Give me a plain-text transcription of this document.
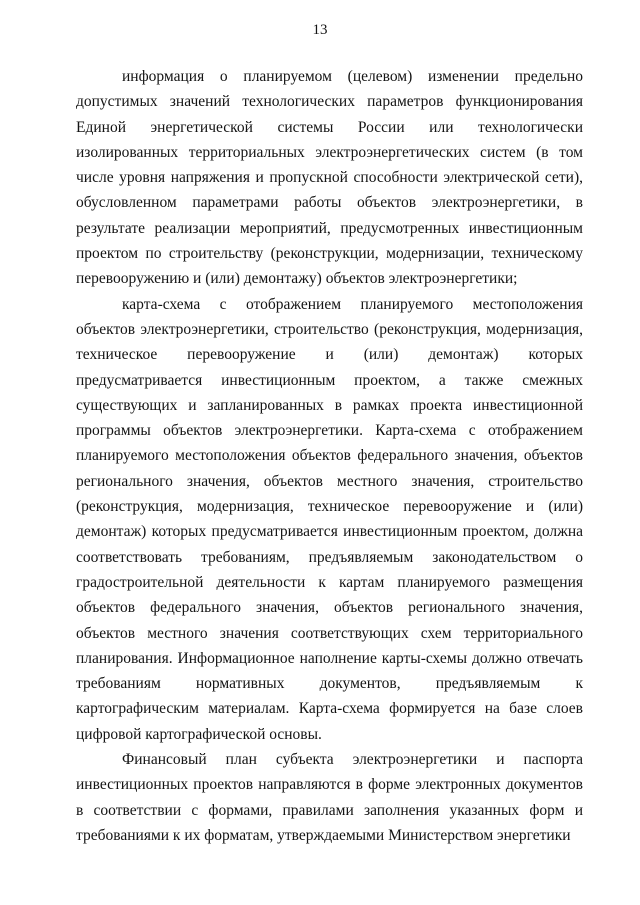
13

информация о планируемом (целевом) изменении предельно допустимых значений технологических параметров функционирования Единой энергетической системы России или технологически изолированных территориальных электроэнергетических систем (в том числе уровня напряжения и пропускной способности электрической сети), обусловленном параметрами работы объектов электроэнергетики, в результате реализации мероприятий, предусмотренных инвестиционным проектом по строительству (реконструкции, модернизации, техническому перевооружению и (или) демонтажу) объектов электроэнергетики;

карта-схема с отображением планируемого местоположения объектов электроэнергетики, строительство (реконструкция, модернизация, техническое перевооружение и (или) демонтаж) которых предусматривается инвестиционным проектом, а также смежных существующих и запланированных в рамках проекта инвестиционной программы объектов электроэнергетики. Карта-схема с отображением планируемого местоположения объектов федерального значения, объектов регионального значения, объектов местного значения, строительство (реконструкция, модернизация, техническое перевооружение и (или) демонтаж) которых предусматривается инвестиционным проектом, должна соответствовать требованиям, предъявляемым законодательством о градостроительной деятельности к картам планируемого размещения объектов федерального значения, объектов регионального значения, объектов местного значения соответствующих схем территориального планирования. Информационное наполнение карты-схемы должно отвечать требованиям нормативных документов, предъявляемым к картографическим материалам. Карта-схема формируется на базе слоев цифровой картографической основы.

Финансовый план субъекта электроэнергетики и паспорта инвестиционных проектов направляются в форме электронных документов в соответствии с формами, правилами заполнения указанных форм и требованиями к их форматам, утверждаемыми Министерством энергетики
